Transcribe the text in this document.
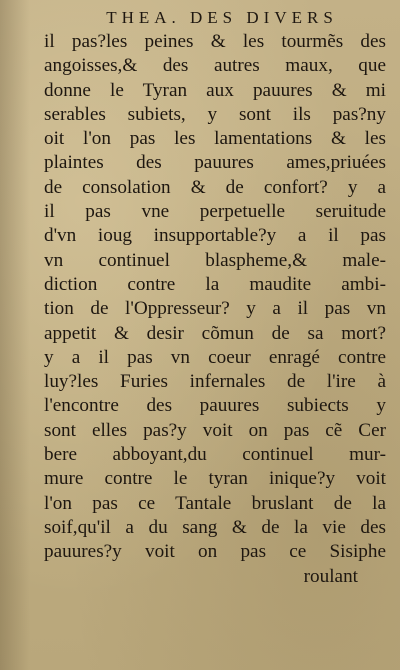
THEA. DES DIVERS
il pas?les peines & les tourmẽs des
angoisses,& des autres maux, que
donne le Tyran aux pauures & mi
serables subiets, y sont ils pas?ny
oit l'on pas les lamentations & les
plaintes des pauures ames,priuées
de consolation & de confort? y a
il pas vne perpetuelle seruitude
d'vn ioug insupportable?y a il pas
vn continuel blaspheme,& male-
diction contre la maudite ambi-
tion de l'Oppresseur? y a il pas vn
appetit & desir cõmun de sa mort?
y a il pas vn coeur enragé contre
luy?les Furies infernales de l'ire à
l'encontre des pauures subiects y
sont elles pas?y voit on pas cẽ Cer
bere abboyant,du continuel mur-
mure contre le tyran inique?y voit
l'on pas ce Tantale bruslant de la
soif,qu'il a du sang & de la vie des
pauures?y voit on pas ce Sisiphe
roulant
